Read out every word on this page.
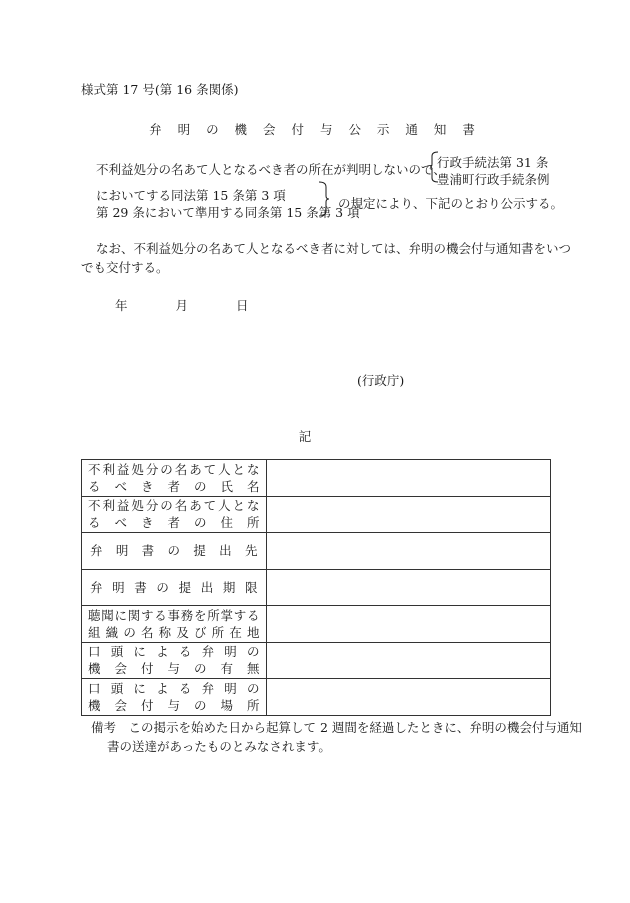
様式第 17 号(第 16 条関係)
弁 明 の 機 会 付 与 公 示 通 知 書
不利益処分の名あて人となるべき者の所在が判明しないので、
行政手続法第 31 条
豊浦町行政手続条例
においてする同法第 15 条第 3 項
第 29 条において準用する同条第 15 条第 3 項
の規定により、下記のとおり公示する。
なお、不利益処分の名あて人となるべき者に対しては、弁明の機会付与通知書をいつ
でも交付する。
年	月	日
(行政庁)
記
不利益処分の名あて人とな
るべき者の氏名	

不利益処分の名あて人とな
るべき者の住所	

弁明書の提出先	

弁明書の提出期限	

聴聞に関する事務を所掌する
組織の名称及び所在地	

口頭による弁明の
機会付与の有無	

口頭による弁明の
機会付与の場所	

備考　この掲示を始めた日から起算して 2 週間を経過したときに、弁明の機会付与通知
書の送達があったものとみなされます。
